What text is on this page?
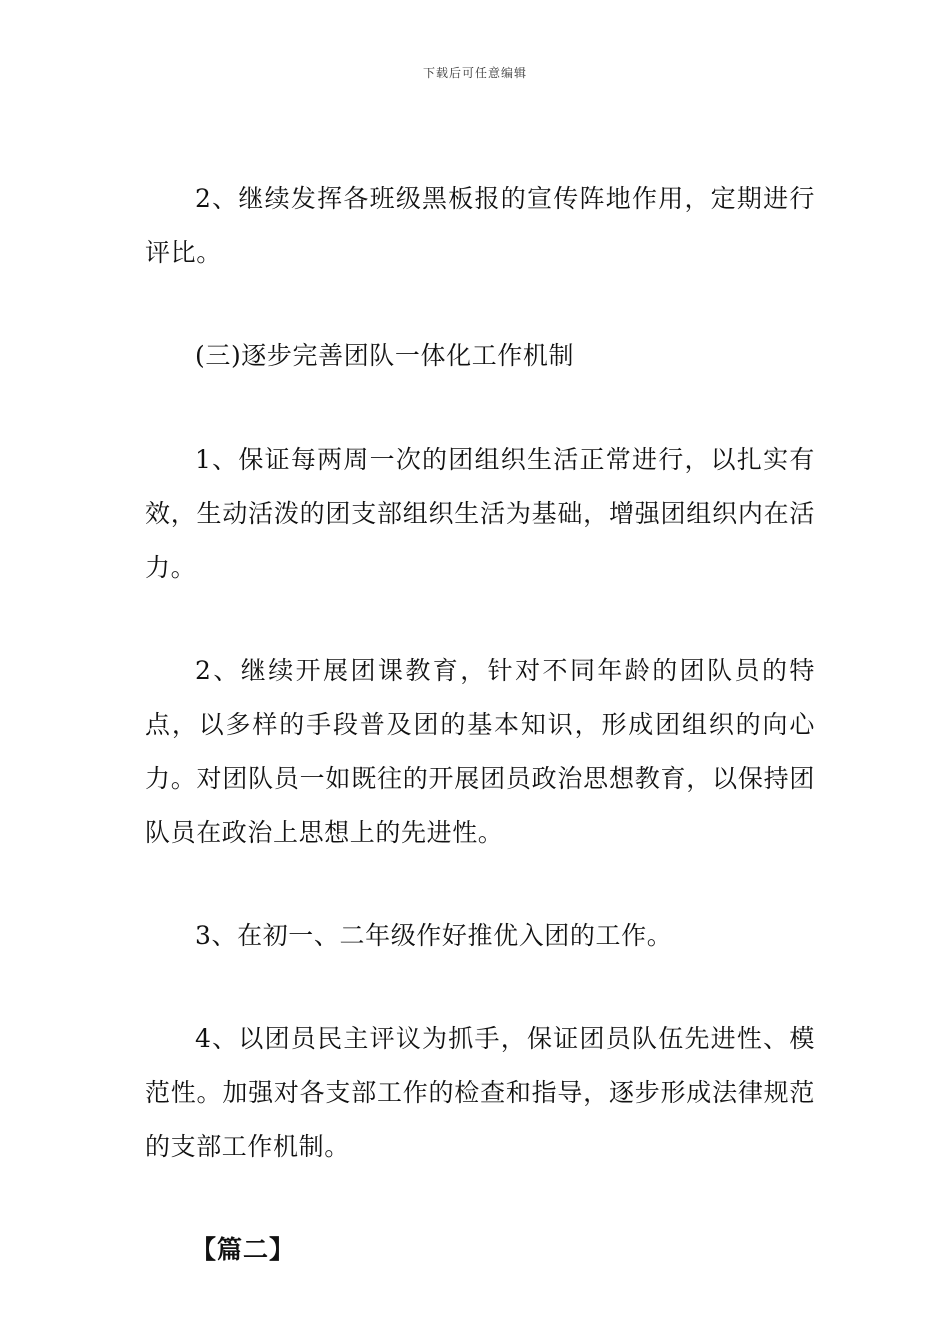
下载后可任意编辑

2、继续发挥各班级黑板报的宣传阵地作用，定期进行评比。

(三)逐步完善团队一体化工作机制

1、保证每两周一次的团组织生活正常进行，以扎实有效，生动活泼的团支部组织生活为基础，增强团组织内在活力。

2、继续开展团课教育，针对不同年龄的团队员的特点，以多样的手段普及团的基本知识，形成团组织的向心力。对团队员一如既往的开展团员政治思想教育，以保持团队员在政治上思想上的先进性。

3、在初一、二年级作好推优入团的工作。

4、以团员民主评议为抓手，保证团员队伍先进性、模范性。加强对各支部工作的检查和指导，逐步形成法律规范的支部工作机制。

【篇二】
